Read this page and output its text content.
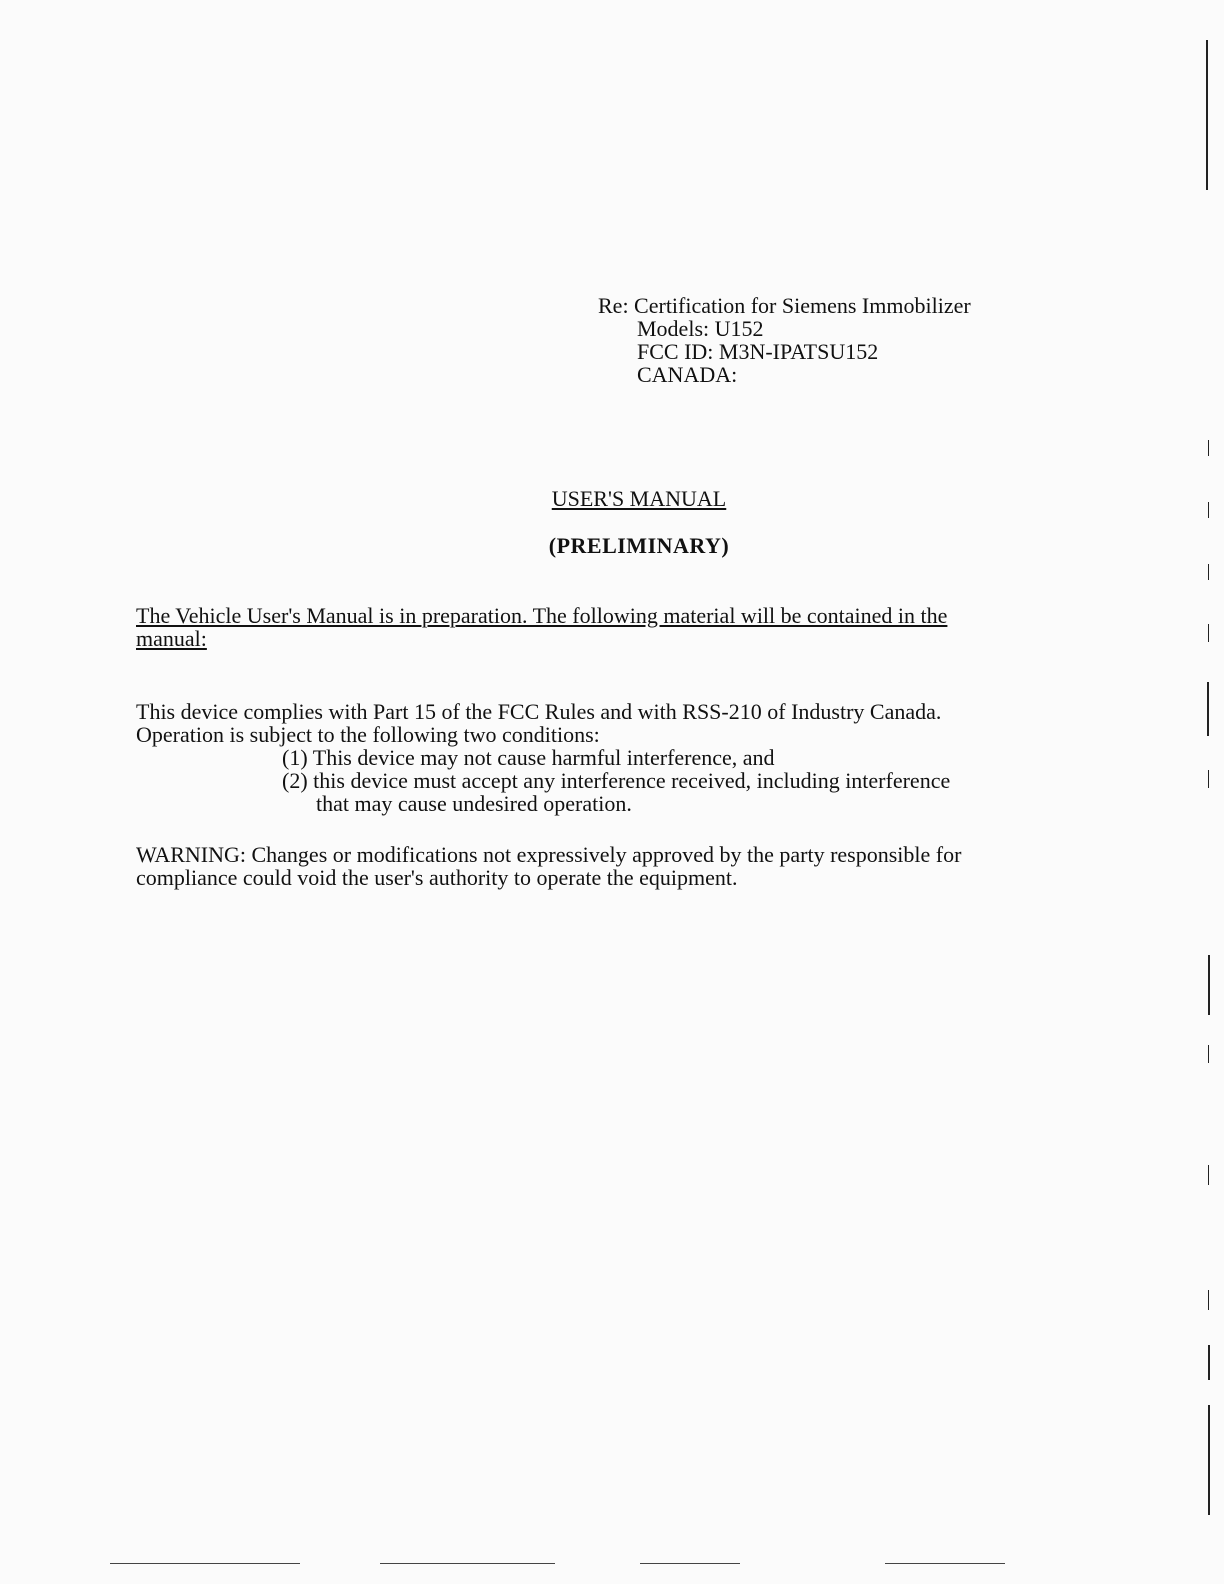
Re: Certification for Siemens Immobilizer
Models: U152
FCC ID: M3N-IPATSU152
CANADA:
USER'S MANUAL
(PRELIMINARY)
The Vehicle User's Manual is in preparation. The following material will be contained in the
manual:
This device complies with Part 15 of the FCC Rules and with RSS-210 of Industry Canada.
Operation is subject to the following two conditions:
(1) This device may not cause harmful interference, and
(2) this device must accept any interference received, including interference
that may cause undesired operation.
WARNING: Changes or modifications not expressively approved by the party responsible for
compliance could void the user's authority to operate the equipment.
